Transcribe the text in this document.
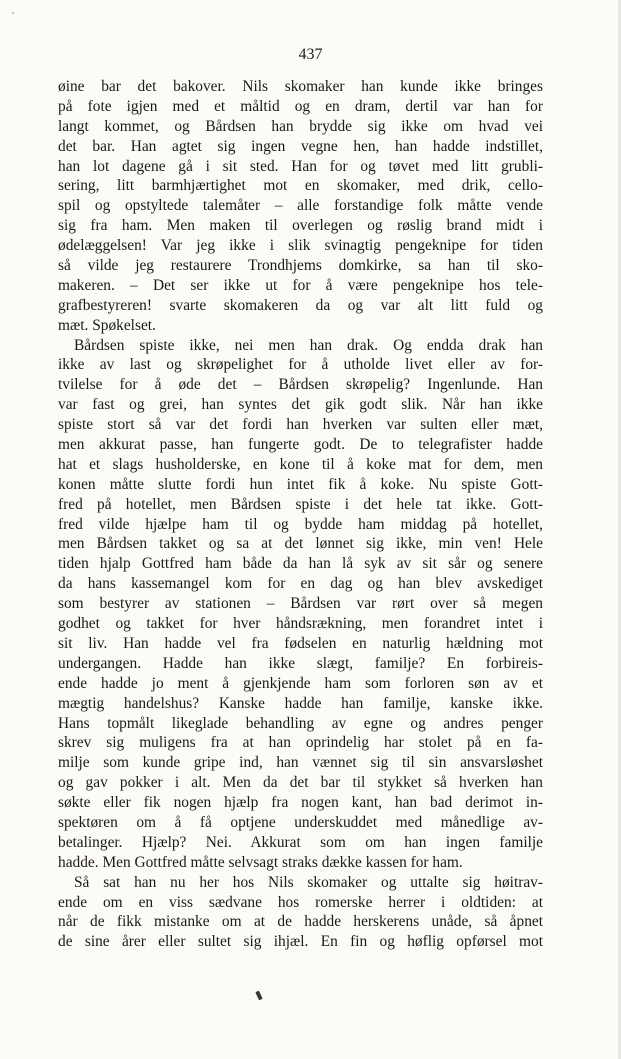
437
øine bar det bakover. Nils skomaker han kunde ikke bringes
på fote igjen med et måltid og en dram, dertil var han for
langt kommet, og Bårdsen han brydde sig ikke om hvad vei
det bar. Han agtet sig ingen vegne hen, han hadde indstillet,
han lot dagene gå i sit sted. Han for og tøvet med litt grubli-
sering, litt barmhjærtighet mot en skomaker, med drik, cello-
spil og opstyltede talemåter – alle forstandige folk måtte vende
sig fra ham. Men maken til overlegen og røslig brand midt i
ødelæggelsen! Var jeg ikke i slik svinagtig pengeknipe for tiden
så vilde jeg restaurere Trondhjems domkirke, sa han til sko-
makeren. – Det ser ikke ut for å være pengeknipe hos tele-
grafbestyreren! svarte skomakeren da og var alt litt fuld og
mæt. Spøkelset.
Bårdsen spiste ikke, nei men han drak. Og endda drak han
ikke av last og skrøpelighet for å utholde livet eller av for-
tvilelse for å øde det – Bårdsen skrøpelig? Ingenlunde. Han
var fast og grei, han syntes det gik godt slik. Når han ikke
spiste stort så var det fordi han hverken var sulten eller mæt,
men akkurat passe, han fungerte godt. De to telegrafister hadde
hat et slags husholderske, en kone til å koke mat for dem, men
konen måtte slutte fordi hun intet fik å koke. Nu spiste Gott-
fred på hotellet, men Bårdsen spiste i det hele tat ikke. Gott-
fred vilde hjælpe ham til og bydde ham middag på hotellet,
men Bårdsen takket og sa at det lønnet sig ikke, min ven! Hele
tiden hjalp Gottfred ham både da han lå syk av sit sår og senere
da hans kassemangel kom for en dag og han blev avskediget
som bestyrer av stationen – Bårdsen var rørt over så megen
godhet og takket for hver håndsrækning, men forandret intet i
sit liv. Han hadde vel fra fødselen en naturlig hældning mot
undergangen. Hadde han ikke slægt, familje? En forbireis-
ende hadde jo ment å gjenkjende ham som forloren søn av et
mægtig handelshus? Kanske hadde han familje, kanske ikke.
Hans topmålt likeglade behandling av egne og andres penger
skrev sig muligens fra at han oprindelig har stolet på en fa-
milje som kunde gripe ind, han vænnet sig til sin ansvarsløshet
og gav pokker i alt. Men da det bar til stykket så hverken han
søkte eller fik nogen hjælp fra nogen kant, han bad derimot in-
spektøren om å få optjene underskuddet med månedlige av-
betalinger. Hjælp? Nei. Akkurat som om han ingen familje
hadde. Men Gottfred måtte selvsagt straks dække kassen for ham.
Så sat han nu her hos Nils skomaker og uttalte sig høitrav-
ende om en viss sædvane hos romerske herrer i oldtiden: at
når de fikk mistanke om at de hadde herskerens unåde, så åpnet
de sine årer eller sultet sig ihjæl. En fin og høflig opførsel mot
